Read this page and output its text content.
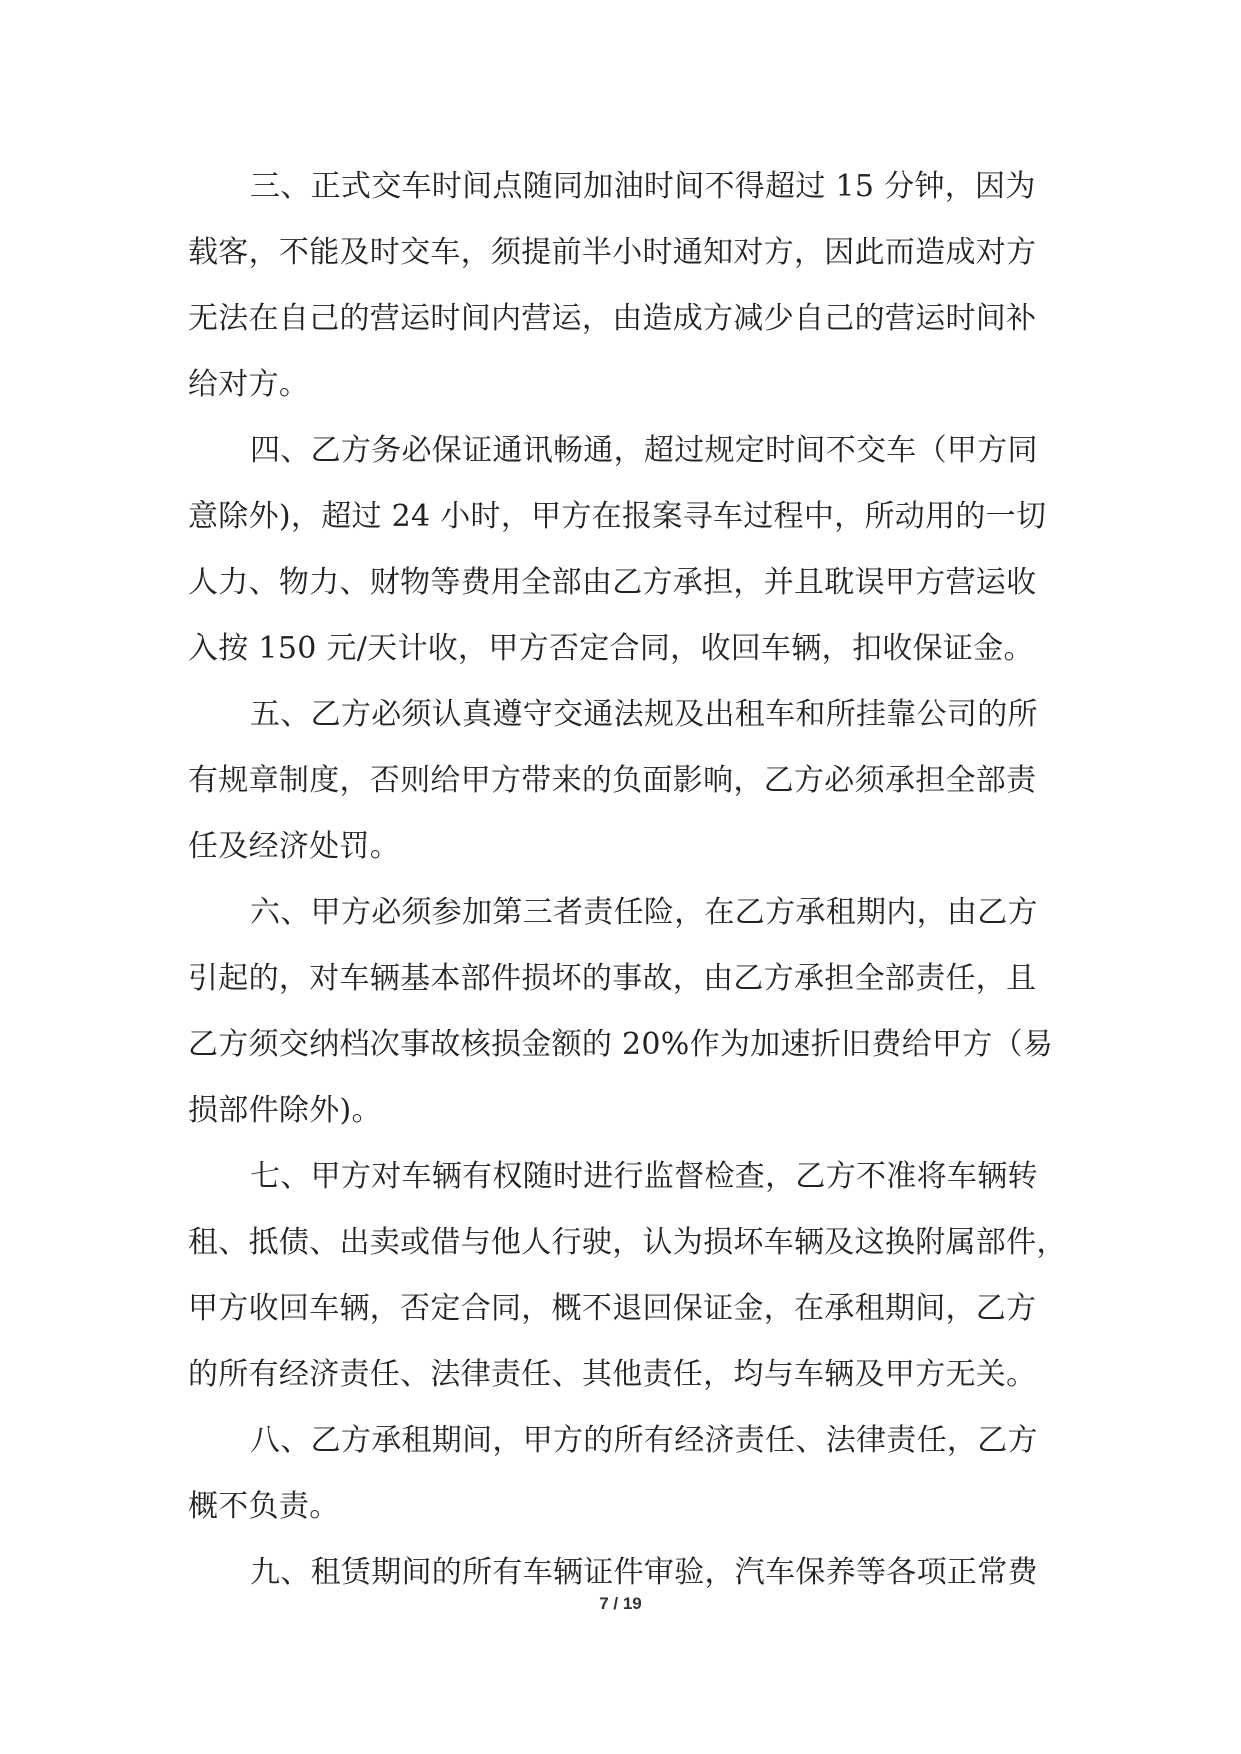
三、正式交车时间点随同加油时间不得超过 15 分钟，因为
载客，不能及时交车，须提前半小时通知对方，因此而造成对方
无法在自己的营运时间内营运，由造成方减少自己的营运时间补
给对方。
四、乙方务必保证通讯畅通，超过规定时间不交车（甲方同
意除外)，超过 24 小时，甲方在报案寻车过程中，所动用的一切
人力、物力、财物等费用全部由乙方承担，并且耽误甲方营运收
入按 150 元/天计收，甲方否定合同，收回车辆，扣收保证金。
五、乙方必须认真遵守交通法规及出租车和所挂靠公司的所
有规章制度，否则给甲方带来的负面影响，乙方必须承担全部责
任及经济处罚。
六、甲方必须参加第三者责任险，在乙方承租期内，由乙方
引起的，对车辆基本部件损坏的事故，由乙方承担全部责任，且
乙方须交纳档次事故核损金额的 20%作为加速折旧费给甲方（易
损部件除外)。
七、甲方对车辆有权随时进行监督检查，乙方不准将车辆转
租、抵债、出卖或借与他人行驶，认为损坏车辆及这换附属部件，
甲方收回车辆，否定合同，概不退回保证金，在承租期间，乙方
的所有经济责任、法律责任、其他责任，均与车辆及甲方无关。
八、乙方承租期间，甲方的所有经济责任、法律责任，乙方
概不负责。
九、租赁期间的所有车辆证件审验，汽车保养等各项正常费
7 / 19
